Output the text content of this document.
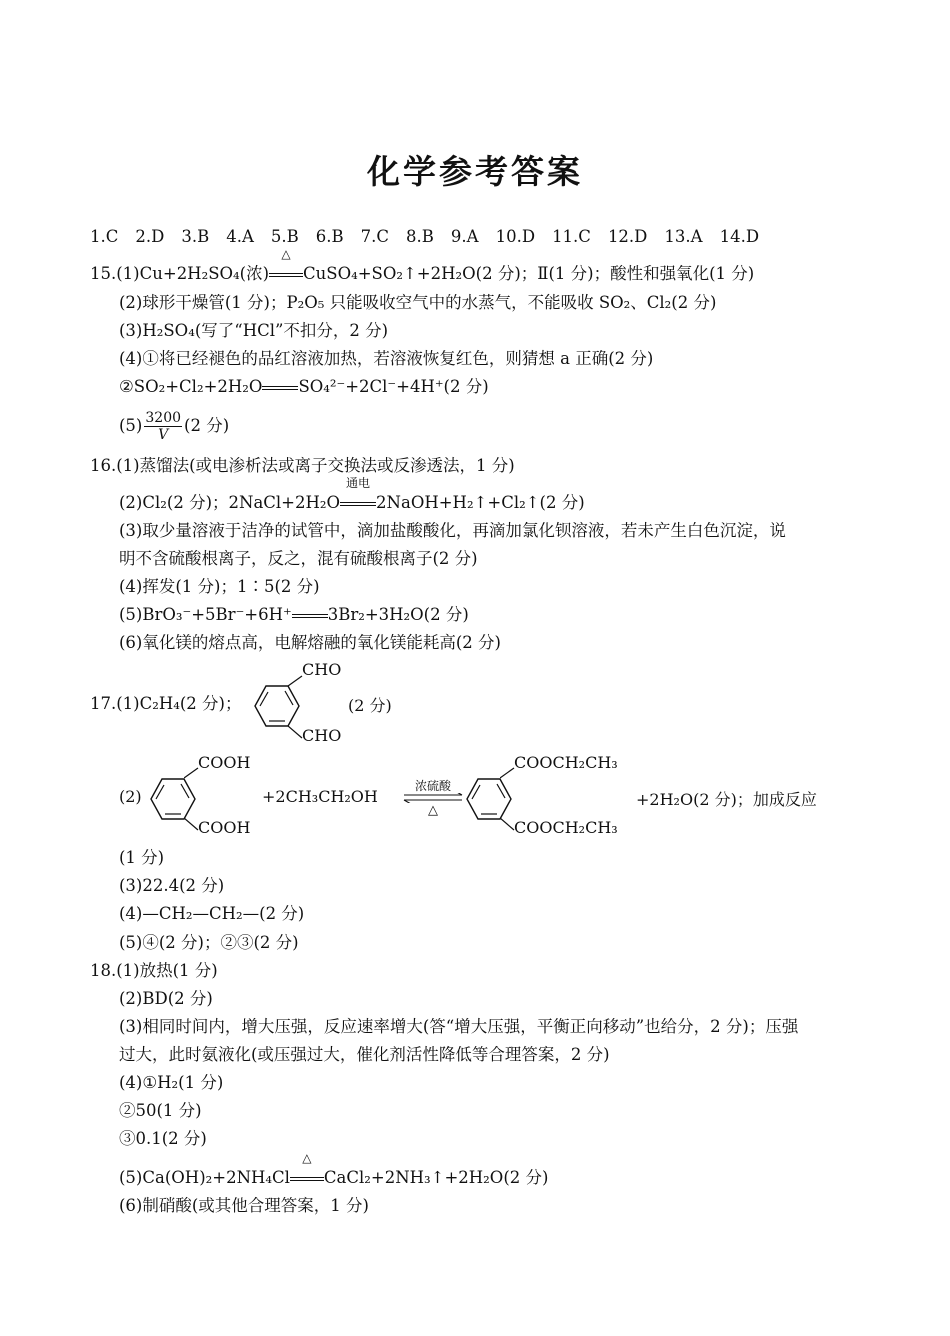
化学参考答案
1.C 2.D 3.B 4.A 5.B 6.B 7.C 8.B 9.A 10.D 11.C 12.D 13.A 14.D
15.(1)Cu+2H₂SO₄(浓)
△
CuSO₄+SO₂↑+2H₂O(2 分)；Ⅱ(1 分)；酸性和强氧化(1 分)
(2)球形干燥管(1 分)；P₂O₅ 只能吸收空气中的水蒸气，不能吸收 SO₂、Cl₂(2 分)
(3)H₂SO₄(写了“HCl”不扣分，2 分)
(4)①将已经褪色的品红溶液加热，若溶液恢复红色，则猜想 a 正确(2 分)
②SO₂+Cl₂+2H₂O SO₄²⁻+2Cl⁻+4H⁺(2 分)
$(5) \frac{3200}{V} (2$ 分)
16.(1)蒸馏法(或电渗析法或离子交换法或反渗透法，1 分)
(2)Cl₂(2 分)；2NaCl+2H₂O
通电
2NaOH+H₂↑+Cl₂↑(2 分)
(3)取少量溶液于洁净的试管中，滴加盐酸酸化，再滴加氯化钡溶液，若未产生白色沉淀，说
明不含硫酸根离子，反之，混有硫酸根离子(2 分)
(4)挥发(1 分)；1∶5(2 分)
(5)BrO₃⁻+5Br⁻+6H⁺ 3Br₂+3H₂O(2 分)
(6)氧化镁的熔点高，电解熔融的氧化镁能耗高(2 分)
17.(1)C₂H₄(2 分)；
CHO
CHO
(2 分)
(2)
COOH
COOH
+2CH₃CH₂OH
浓硫酸
△
COOCH₂CH₃
COOCH₂CH₃
+2H₂O(2 分)；加成反应
(1 分)
(3)22.4(2 分)
(4)—CH₂—CH₂—(2 分)
(5)④(2 分)；②③(2 分)
18.(1)放热(1 分)
(2)BD(2 分)
(3)相同时间内，增大压强，反应速率增大(答“增大压强，平衡正向移动”也给分，2 分)；压强
过大，此时氨液化(或压强过大，催化剂活性降低等合理答案，2 分)
(4)①H₂(1 分)
②50(1 分)
③0.1(2 分)
(5)Ca(OH)₂+2NH₄Cl
△
CaCl₂+2NH₃↑+2H₂O(2 分)
(6)制硝酸(或其他合理答案，1 分)
